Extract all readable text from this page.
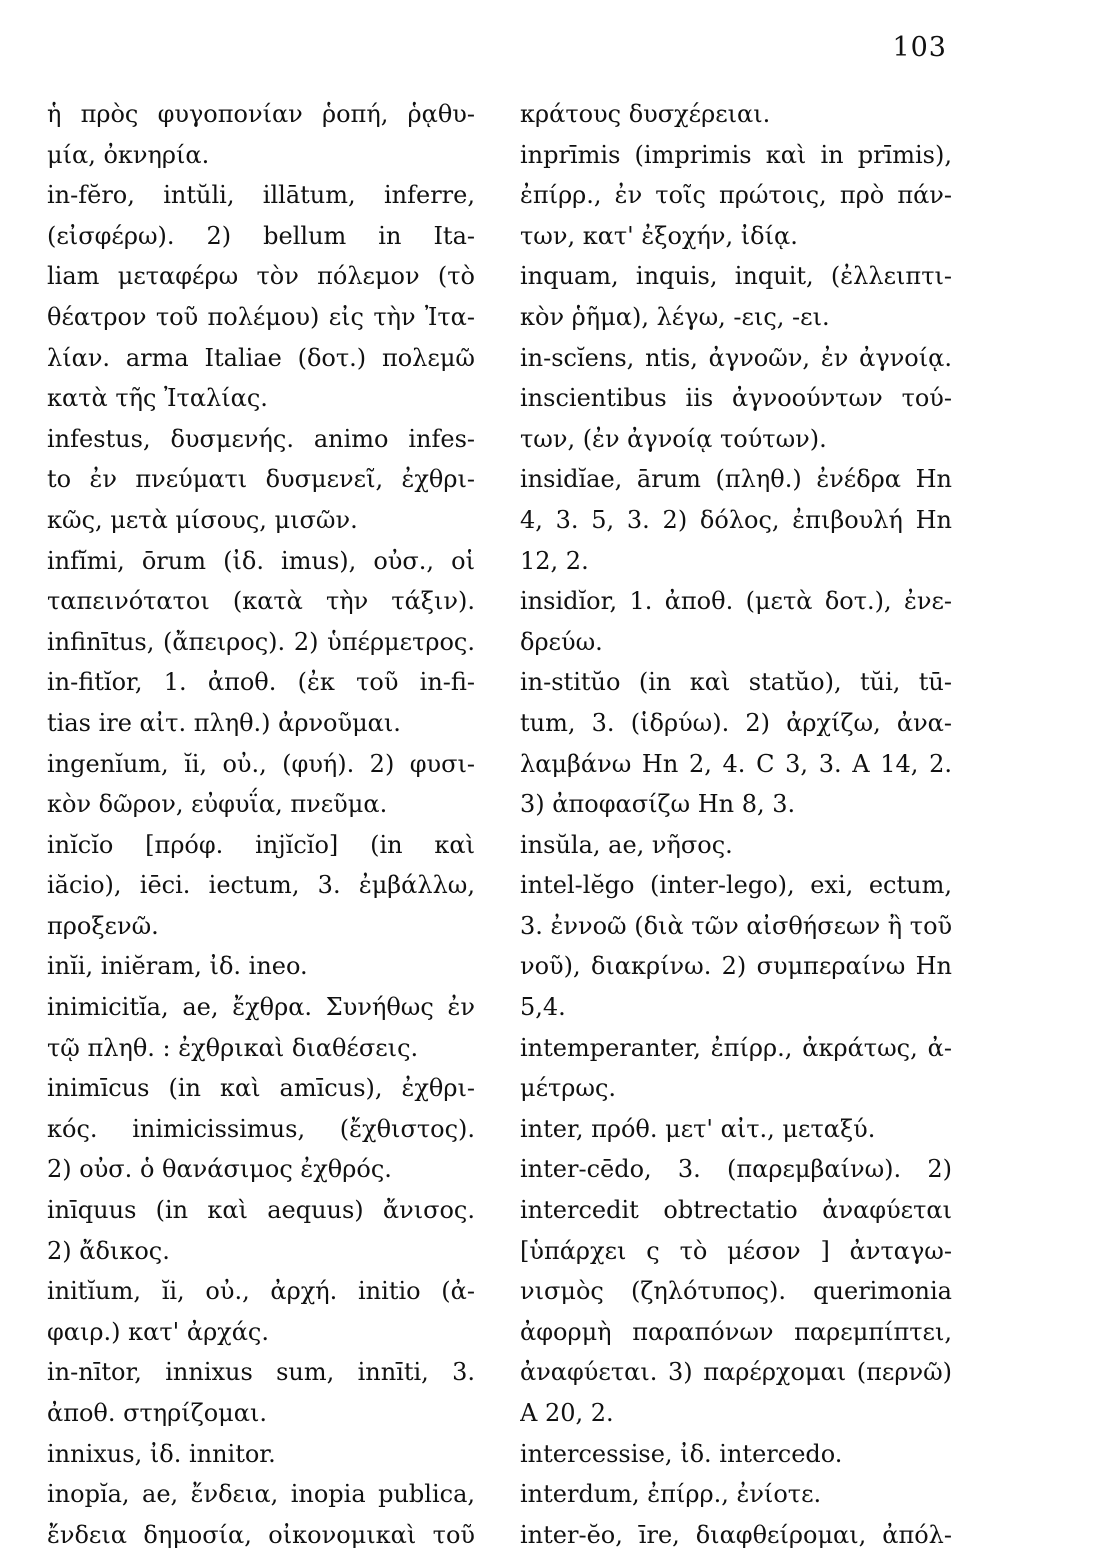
103
ἡ πρὸς φυγοπονίαν ῥοπή, ῥᾳθυ-
μία, ὀκνηρία.
in-fĕro, intŭli, illātum, inferre,
(εἰσφέρω). 2) bellum in Ita-
liam μεταφέρω τὸν πόλεμον (τὸ
θέατρον τοῦ πολέμου) εἰς τὴν Ἰτα-
λίαν. arma Italiae (δοτ.) πολεμῶ
κατὰ τῆς Ἰταλίας.
infestus, δυσμενής. animo infes-
to ἐν πνεύματι δυσμενεῖ, ἐχθρι-
κῶς, μετὰ μίσους, μισῶν.
infĭmi, ōrum (ἰδ. imus), οὐσ., οἱ
ταπεινότατοι (κατὰ τὴν τάξιν).
infinītus, (ἄπειρος). 2) ὑπέρμετρος.
in-fitĭor, 1. ἀποθ. (ἐκ τοῦ in-fi-
tias ire αἰτ. πληθ.) ἀρνοῦμαι.
ingenĭum, ĭi, οὐ., (φυή). 2) φυσι-
κὸν δῶρον, εὐφυΐα, πνεῦμα.
inĭcĭo [πρόφ. injĭcĭo] (in καὶ
iăcio), iēci. iectum, 3. ἐμβάλλω,
προξενῶ.
inĭi, iniĕram, ἰδ. ineo.
inimicitĭa, ae, ἔχθρα. Συνήθως ἐν
τῷ πληθ. : ἐχθρικαὶ διαθέσεις.
inimīcus (in καὶ amīcus), ἐχθρι-
κός. inimicissimus, (ἔχθιστος).
2) οὐσ. ὁ θανάσιμος ἐχθρός.
inīquus (in καὶ aequus) ἄνισος.
2) ἄδικος.
initĭum, ĭi, οὐ., ἀρχή. initio (ἀ-
φαιρ.) κατ' ἀρχάς.
in-nītor, innixus sum, innīti, 3.
ἀποθ. στηρίζομαι.
innixus, ἰδ. innitor.
inopĭa, ae, ἔνδεια, inopia publica,
ἔνδεια δημοσία, οἰκονομικαὶ τοῦ
κράτους δυσχέρειαι.
inprīmis (imprimis καὶ in prīmis),
ἐπίρρ., ἐν τοῖς πρώτοις, πρὸ πάν-
των, κατ' ἐξοχήν, ἰδίᾳ.
inquam, inquis, inquit, (ἐλλειπτι-
κὸν ῥῆμα), λέγω, -εις, -ει.
in-scĭens, ntis, ἀγνοῶν, ἐν ἀγνοίᾳ.
inscientibus iis ἀγνοούντων τού-
των, (ἐν ἀγνοίᾳ τούτων).
insidĭae, ārum (πληθ.) ἐνέδρα Hn
4, 3. 5, 3. 2) δόλος, ἐπιβουλή Hn
12, 2.
insidĭor, 1. ἀποθ. (μετὰ δοτ.), ἐνε-
δρεύω.
in-stitŭo (in καὶ statŭo), tŭi, tū-
tum, 3. (ἱδρύω). 2) ἀρχίζω, ἀνα-
λαμβάνω Hn 2, 4. C 3, 3. A 14, 2.
3) ἀποφασίζω Hn 8, 3.
insŭla, ae, νῆσος.
intel-lĕgo (inter-lego), exi, ectum,
3. ἐννοῶ (διὰ τῶν αἰσθήσεων ἢ τοῦ
νοῦ), διακρίνω. 2) συμπεραίνω Hn
5,4.
intemperanter, ἐπίρρ., ἀκράτως, ἀ-
μέτρως.
inter, πρόθ. μετ' αἰτ., μεταξύ.
inter-cēdo, 3. (παρεμβαίνω). 2)
intercedit obtrectatio ἀναφύεται
[ὑπάρχει ς τὸ μέσον ] ἀνταγω-
νισμὸς (ζηλότυπος). querimonia
ἀφορμὴ παραπόνων παρεμπίπτει,
ἀναφύεται. 3) παρέρχομαι (περνῶ)
A 20, 2.
intercessise, ἰδ. intercedo.
interdum, ἐπίρρ., ἐνίοτε.
inter-ĕo, īre, διαφθείρομαι, ἀπόλ-
